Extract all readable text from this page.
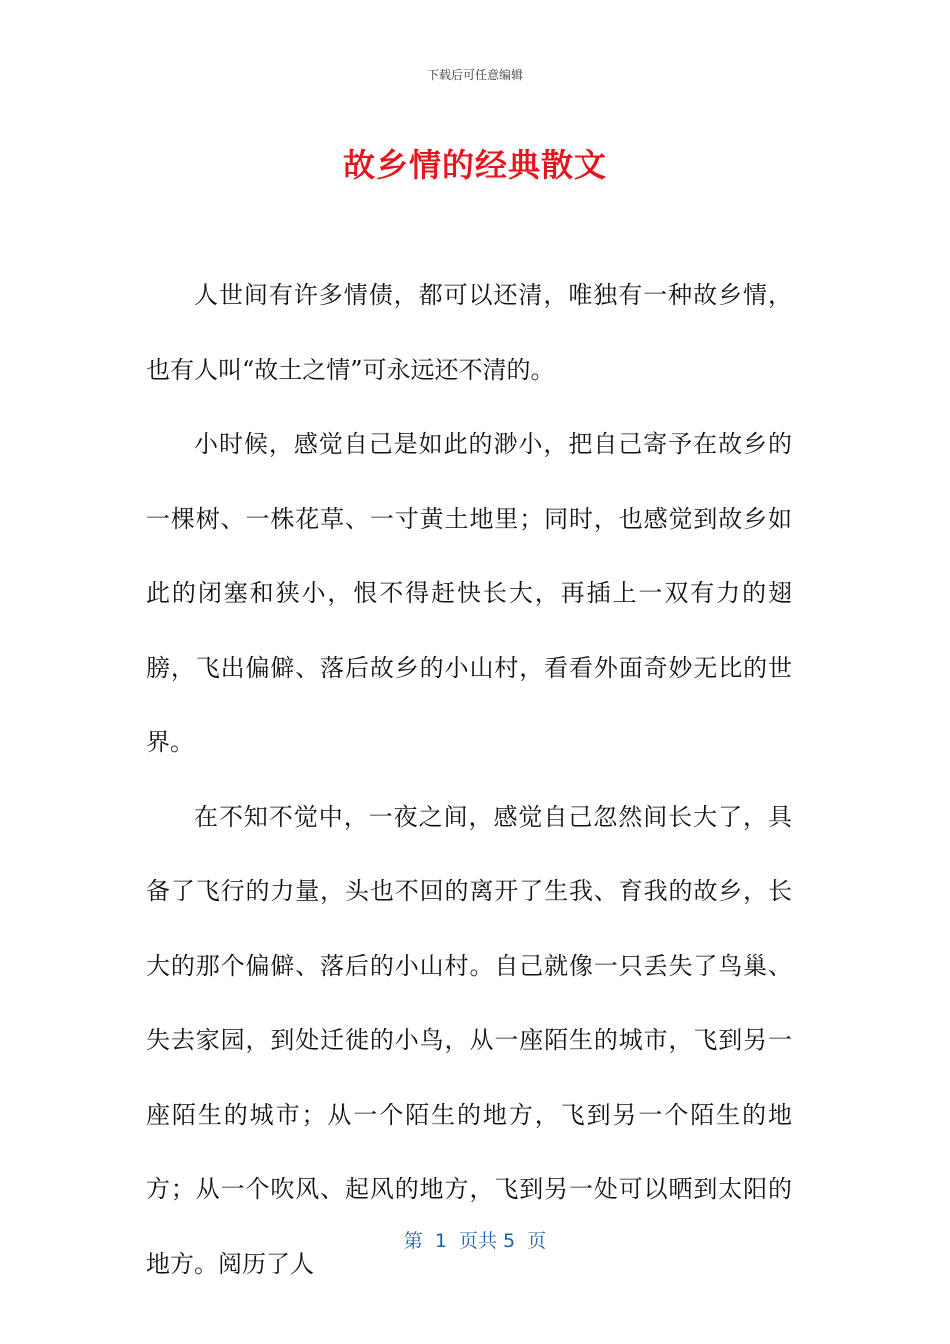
下载后可任意编辑
故乡情的经典散文

人世间有许多情债，都可以还清，唯独有一种故乡情，也有人叫“故土之情”可永远还不清的。

小时候，感觉自己是如此的渺小，把自己寄予在故乡的一棵树、一株花草、一寸黄土地里；同时，也感觉到故乡如此的闭塞和狭小，恨不得赶快长大，再插上一双有力的翅膀，飞出偏僻、落后故乡的小山村，看看外面奇妙无比的世界。

在不知不觉中，一夜之间，感觉自己忽然间长大了，具备了飞行的力量，头也不回的离开了生我、育我的故乡，长大的那个偏僻、落后的小山村。自己就像一只丢失了鸟巢、失去家园，到处迁徙的小鸟，从一座陌生的城市，飞到另一座陌生的城市；从一个陌生的地方，飞到另一个陌生的地方；从一个吹风、起风的地方，飞到另一处可以晒到太阳的地方。阅历了人

第  1  页共 5  页
